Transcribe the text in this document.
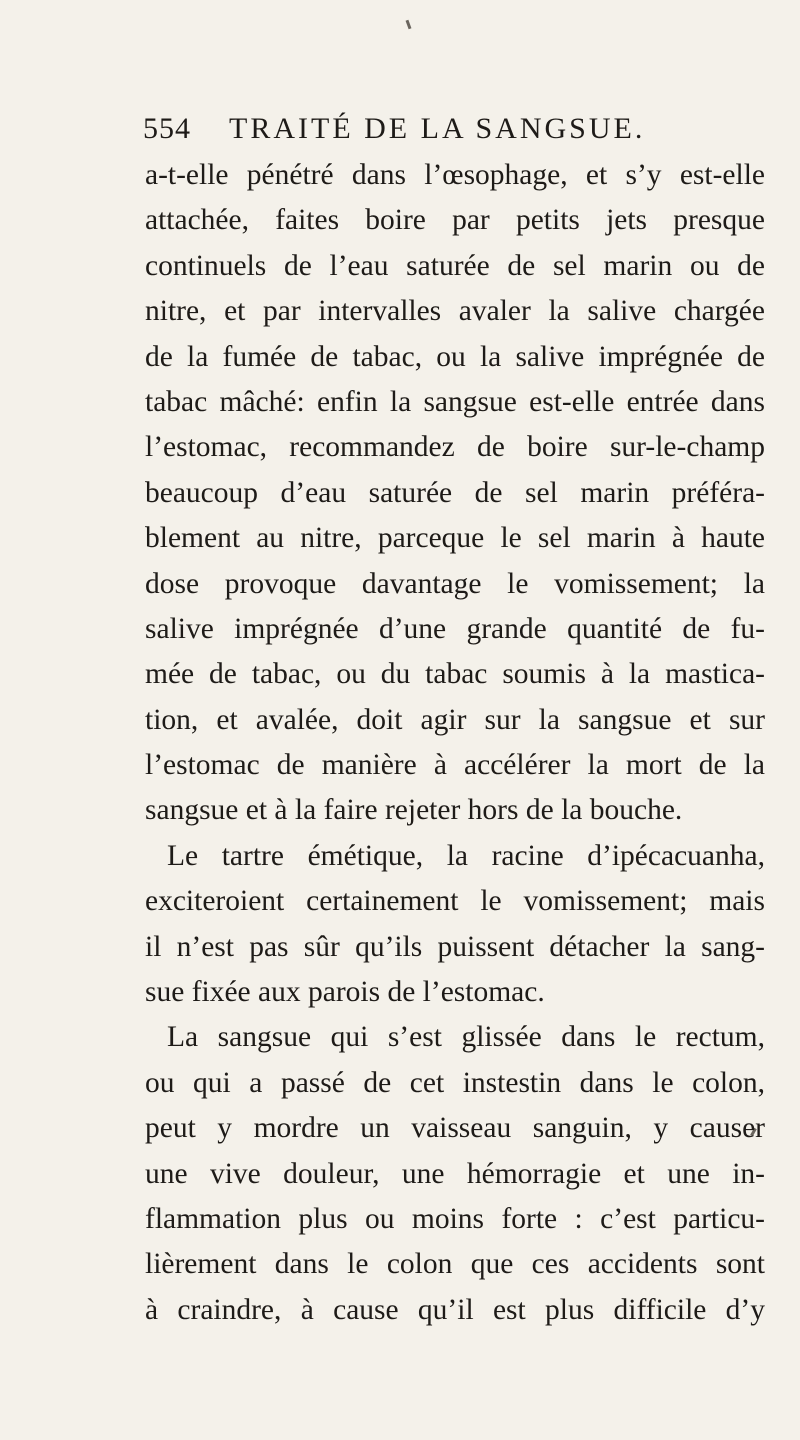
554 TRAITÉ DE LA SANGSUE.
a-t-elle pénétré dans l’œsophage, et s’y est-elle
attachée, faites boire par petits jets presque
continuels de l’eau saturée de sel marin ou de
nitre, et par intervalles avaler la salive chargée
de la fumée de tabac, ou la salive imprégnée de
tabac mâché: enfin la sangsue est-elle entrée dans
l’estomac, recommandez de boire sur-le-champ
beaucoup d’eau saturée de sel marin préféra-
blement au nitre, parceque le sel marin à haute
dose provoque davantage le vomissement; la
salive imprégnée d’une grande quantité de fu-
mée de tabac, ou du tabac soumis à la mastica-
tion, et avalée, doit agir sur la sangsue et sur
l’estomac de manière à accélérer la mort de la
sangsue et à la faire rejeter hors de la bouche.
Le tartre émétique, la racine d’ipécacuanha,
exciteroient certainement le vomissement; mais
il n’est pas sûr qu’ils puissent détacher la sang-
sue fixée aux parois de l’estomac.
La sangsue qui s’est glissée dans le rectum,
ou qui a passé de cet instestin dans le colon,
peut y mordre un vaisseau sanguin, y causer
une vive douleur, une hémorragie et une in-
flammation plus ou moins forte : c’est particu-
lièrement dans le colon que ces accidents sont
à craindre, à cause qu’il est plus difficile d’y
